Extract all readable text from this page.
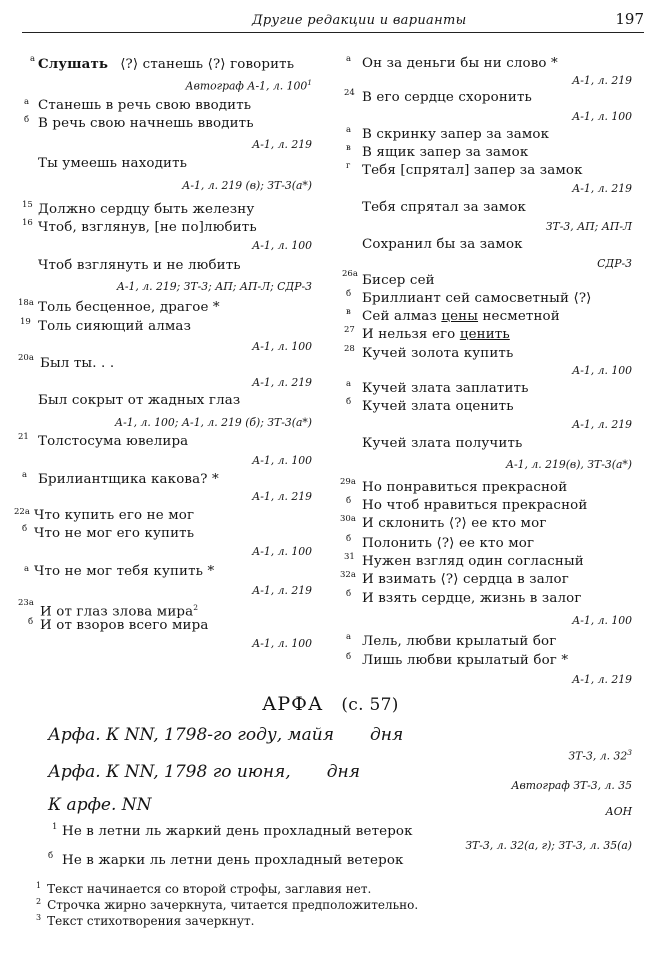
Другие редакции и варианты	197
а Слушать ⟨?⟩ станешь ⟨?⟩ говорить
Автограф А-1, л. $100^1$
а Станешь в речь свою вводить
б В речь свою начнешь вводить
А-1, л. 219
Ты умеешь находить
А-1, л. 219 (в); ЗТ-3(а*)
15 Должно сердцу быть железну
16 Чтоб, взглянув, [не по]любить
А-1, л. 100
Чтоб взглянуть и не любить
А-1, л. 219; ЗТ-3; АП; АП-Л; СДР-3
18а Толь бесценное, драгое *
19 Толь сияющий алмаз
А-1, л. 100
20а Был ты. . .
А-1, л. 219
Был сокрыт от жадных глаз
А-1, л. 100; А-1, л. 219 (б); ЗТ-3(а*)
21 Толстосума ювелира
А-1, л. 100
а Брилиантщика какова? *
А-1, л. 219
22а Что купить его не мог
б Что не мог его купить
А-1, л. 100
а Что не мог тебя купить *
А-1, л. 219
23а
И от глаз злова мира$^2$
б И от взоров всего мира
А-1, л. 100
а Он за деньги бы ни слово *
А-1, л. 219
24 В его сердце схоронить
А-1, л. 100
а В скринку запер за замок
в В ящик запер за замок
г Тебя [спрятал] запер за замок
А-1, л. 219
Тебя спрятал за замок
ЗТ-3, АП; АП-Л
Сохранил бы за замок
СДР-3
26а Бисер сей
б Бриллиант сей самосветный ⟨?⟩
в Сей алмаз цены несметной
27 И нельзя его ценить
28 Кучей золота купить
А-1, л. 100
а Кучей злата заплатить
б Кучей злата оценить
А-1, л. 219
Кучей злата получить
А-1, л. 219(в), ЗТ-3(а*)
29а Но понравиться прекрасной
б Но чтоб нравиться прекрасной
30а И склонить ⟨?⟩ ее кто мог
б Полонить ⟨?⟩ ее кто мог
31 Нужен взгляд один согласный
32а И взимать ⟨?⟩ сердца в залог
б И взять сердце, жизнь в залог
А-1, л. 100
а Лель, любви крылатый бог
б Лишь любви крылатый бог *
А-1, л. 219
АРФА (с. 57)
Арфа. К NN, 1798-го году, майя дня
ЗТ-3, л. $32^3$
Арфа. К NN, 1798 го июня, дня
Автограф ЗТ-3, л. 35
К арфе. NN	АОН
1 Не в летни ль жаркий день прохладный ветерок
ЗТ-3, л. 32(а, г); ЗТ-3, л. 35(а)
б Не в жарки ль летни день прохладный ветерок
$^1$ Текст начинается со второй строфы, заглавия нет.
$^2$ Строчка жирно зачеркнута, читается предположительно.
$^3$ Текст стихотворения зачеркнут.
